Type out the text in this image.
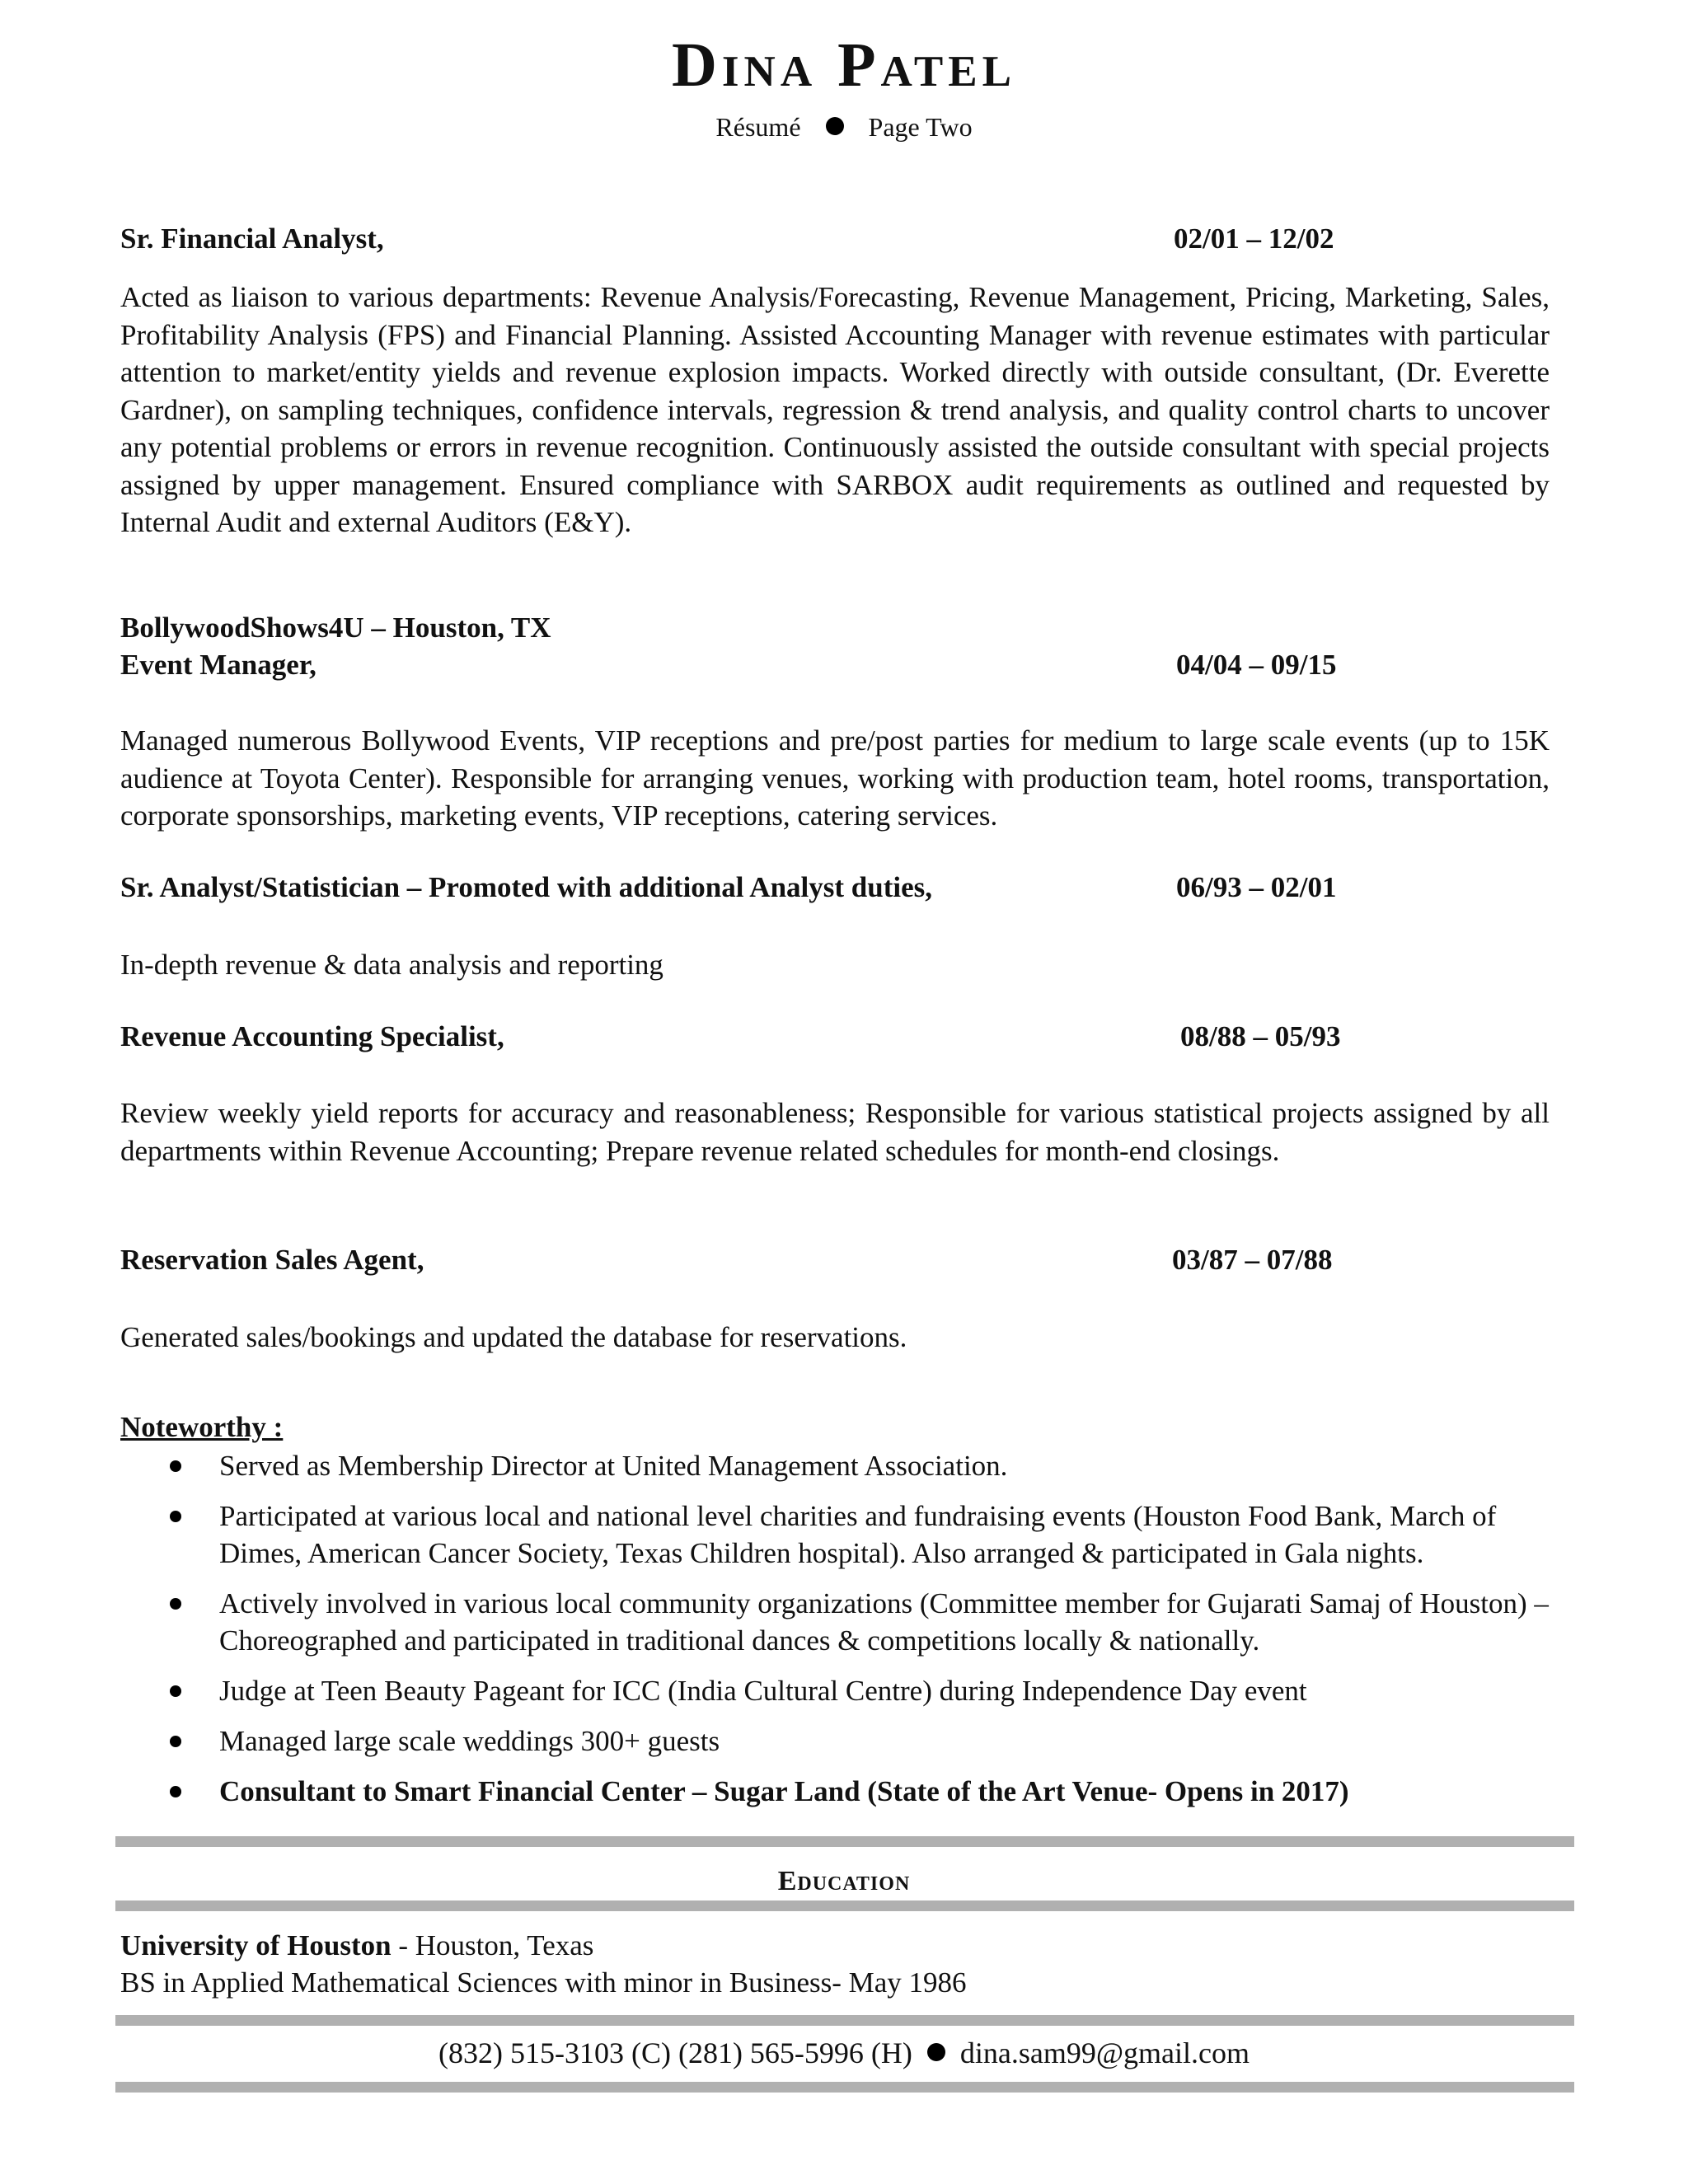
Dina Patel
Résumé	Page Two
Sr. Financial Analyst,	02/01 – 12/02
Acted as liaison to various departments: Revenue Analysis/Forecasting, Revenue Management, Pricing, Marketing, Sales, Profitability Analysis (FPS) and Financial Planning. Assisted Accounting Manager with revenue estimates with particular attention to market/entity yields and revenue explosion impacts. Worked directly with outside consultant, (Dr. Everette Gardner), on sampling techniques, confidence intervals, regression & trend analysis, and quality control charts to uncover any potential problems or errors in revenue recognition. Continuously assisted the outside consultant with special projects assigned by upper management. Ensured compliance with SARBOX audit requirements as outlined and requested by Internal Audit and external Auditors (E&Y).
BollywoodShows4U – Houston, TX
Event Manager,	04/04 – 09/15
Managed numerous Bollywood Events, VIP receptions and pre/post parties for medium to large scale events (up to 15K audience at Toyota Center). Responsible for arranging venues, working with production team, hotel rooms, transportation, corporate sponsorships, marketing events, VIP receptions, catering services.
Sr. Analyst/Statistician – Promoted with additional Analyst duties,	06/93 – 02/01
In-depth revenue & data analysis and reporting
Revenue Accounting Specialist,	08/88 – 05/93
Review weekly yield reports for accuracy and reasonableness; Responsible for various statistical projects assigned by all departments within Revenue Accounting; Prepare revenue related schedules for month-end closings.
Reservation Sales Agent,	03/87 – 07/88
Generated sales/bookings and updated the database for reservations.
Noteworthy :
Served as Membership Director at United Management Association.
Participated at various local and national level charities and fundraising events (Houston Food Bank, March of Dimes, American Cancer Society, Texas Children hospital). Also arranged & participated in Gala nights.
Actively involved in various local community organizations (Committee member for Gujarati Samaj of Houston) – Choreographed and participated in traditional dances & competitions locally & nationally.
Judge at Teen Beauty Pageant for ICC (India Cultural Centre) during Independence Day event
Managed large scale weddings 300+ guests
Consultant to Smart Financial Center – Sugar Land (State of the Art Venue- Opens in 2017)
Education
University of Houston - Houston, Texas
BS in Applied Mathematical Sciences with minor in Business- May 1986
(832) 515-3103 (C) (281) 565-5996 (H) dina.sam99@gmail.com
